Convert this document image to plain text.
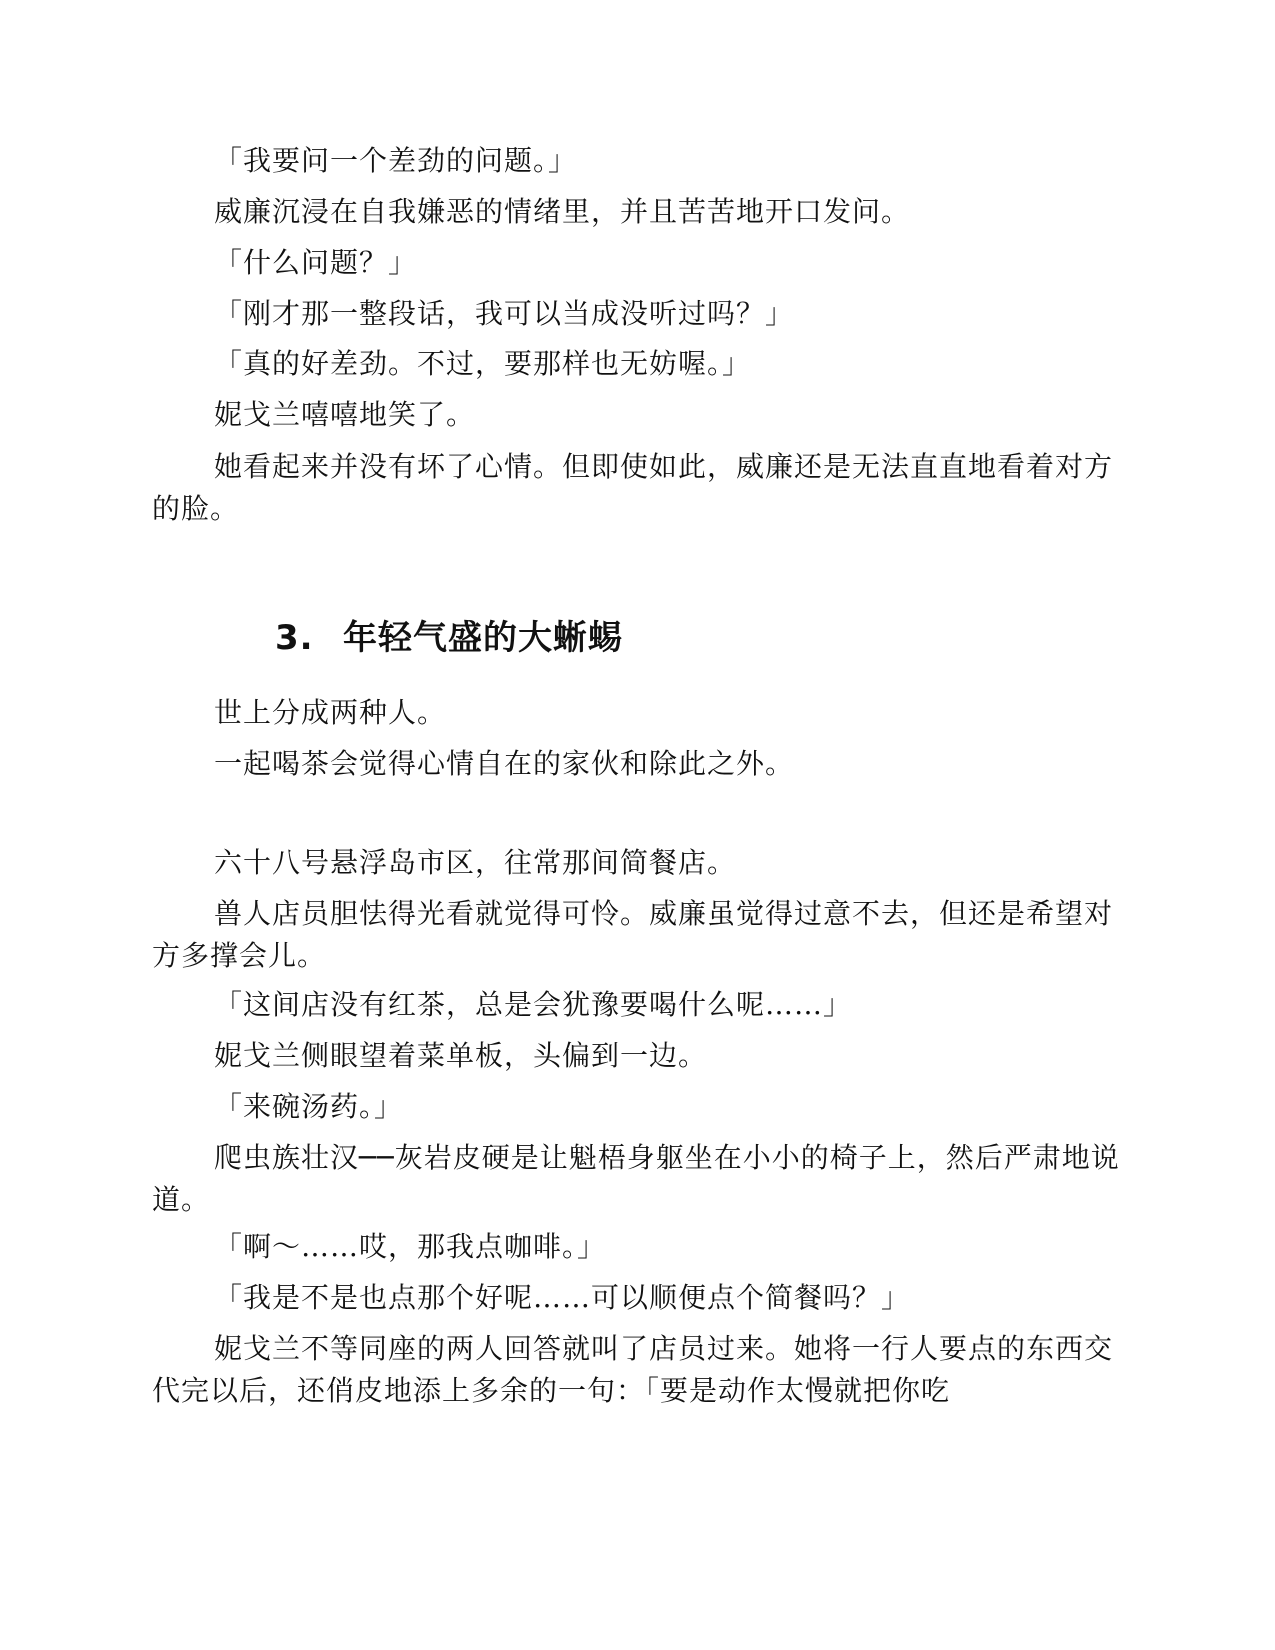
「我要问一个差劲的问题。」

威廉沉浸在自我嫌恶的情绪里，并且苦苦地开口发问。

「什么问题？」

「刚才那一整段话，我可以当成没听过吗？」

「真的好差劲。不过，要那样也无妨喔。」

妮戈兰嘻嘻地笑了。

她看起来并没有坏了心情。但即使如此，威廉还是无法直直地看着对方的脸。

3. 年轻气盛的大蜥蜴

世上分成两种人。

一起喝茶会觉得心情自在的家伙和除此之外。

六十八号悬浮岛市区，往常那间简餐店。

兽人店员胆怯得光看就觉得可怜。威廉虽觉得过意不去，但还是希望对方多撑会儿。

「这间店没有红茶，总是会犹豫要喝什么呢……」

妮戈兰侧眼望着菜单板，头偏到一边。

「来碗汤药。」

爬虫族壮汉──灰岩皮硬是让魁梧身躯坐在小小的椅子上，然后严肃地说道。

「啊～……哎，那我点咖啡。」

「我是不是也点那个好呢……可以顺便点个简餐吗？」

妮戈兰不等同座的两人回答就叫了店员过来。她将一行人要点的东西交代完以后，还俏皮地添上多余的一句：「要是动作太慢就把你吃
